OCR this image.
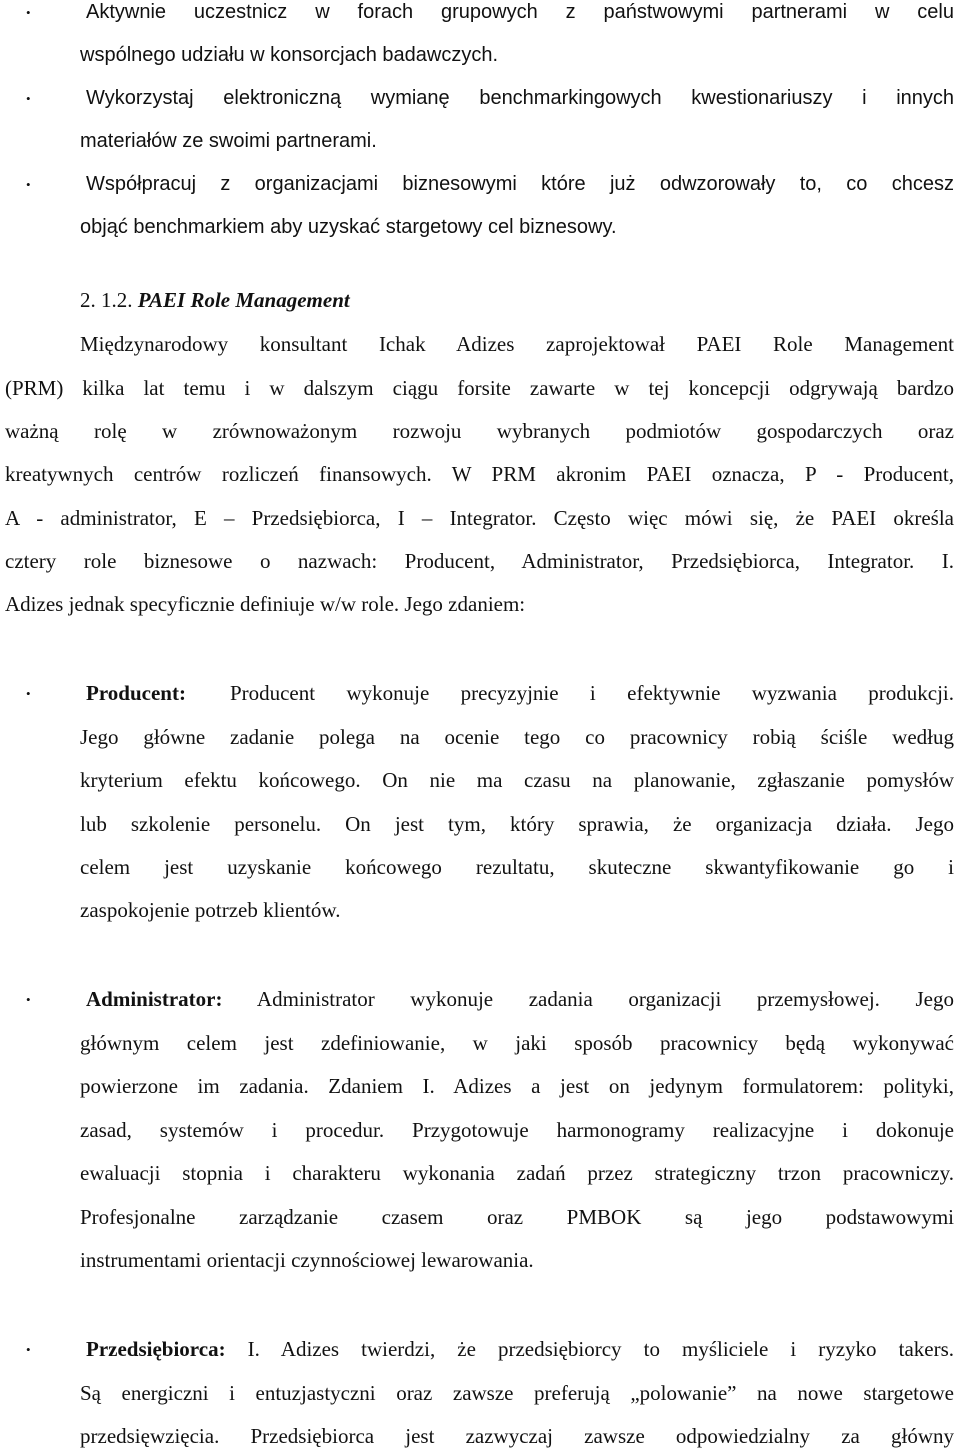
•	Aktywnie uczestnicz w forach grupowych z państwowymi partnerami w celu
wspólnego udziału w konsorcjach badawczych.
•	Wykorzystaj elektroniczną wymianę benchmarkingowych kwestionariuszy i innych
materiałów ze swoimi partnerami.
•	Współpracuj z organizacjami biznesowymi które już odwzorowały to, co chcesz
objąć benchmarkiem aby uzyskać stargetowy cel biznesowy.
2. 1.2. PAEI Role Management
Międzynarodowy konsultant Ichak Adizes zaprojektował PAEI Role Management
(PRM) kilka lat temu i w dalszym ciągu forsite zawarte w tej koncepcji odgrywają bardzo
ważną rolę w zrównoważonym rozwoju wybranych podmiotów gospodarczych oraz
kreatywnych centrów rozliczeń finansowych. W PRM akronim PAEI oznacza, P - Producent,
A - administrator, E – Przedsiębiorca, I – Integrator. Często więc mówi się, że PAEI określa
cztery role biznesowe o nazwach: Producent, Administrator, Przedsiębiorca, Integrator. I.
Adizes jednak specyficznie definiuje w/w role. Jego zdaniem:
•	Producent: Producent wykonuje precyzyjnie i efektywnie wyzwania produkcji.
Jego główne zadanie polega na ocenie tego co pracownicy robią ściśle według
kryterium efektu końcowego. On nie ma czasu na planowanie, zgłaszanie pomysłów
lub szkolenie personelu. On jest tym, który sprawia, że organizacja działa. Jego
celem jest uzyskanie końcowego rezultatu, skuteczne skwantyfikowanie go i
zaspokojenie potrzeb klientów.
•	Administrator: Administrator wykonuje zadania organizacji przemysłowej. Jego
głównym celem jest zdefiniowanie, w jaki sposób pracownicy będą wykonywać
powierzone im zadania. Zdaniem I. Adizes a jest on jedynym formulatorem: polityki,
zasad, systemów i procedur. Przygotowuje harmonogramy realizacyjne i dokonuje
ewaluacji stopnia i charakteru wykonania zadań przez strategiczny trzon pracowniczy.
Profesjonalne zarządzanie czasem oraz PMBOK są jego podstawowymi
instrumentami orientacji czynnościowej lewarowania.
•	Przedsiębiorca: I. Adizes twierdzi, że przedsiębiorcy to myśliciele i ryzyko takers.
Są energiczni i entuzjastyczni oraz zawsze preferują „polowanie” na nowe stargetowe
przedsięwzięcia. Przedsiębiorca jest zazwyczaj zawsze odpowiedzialny za główny
